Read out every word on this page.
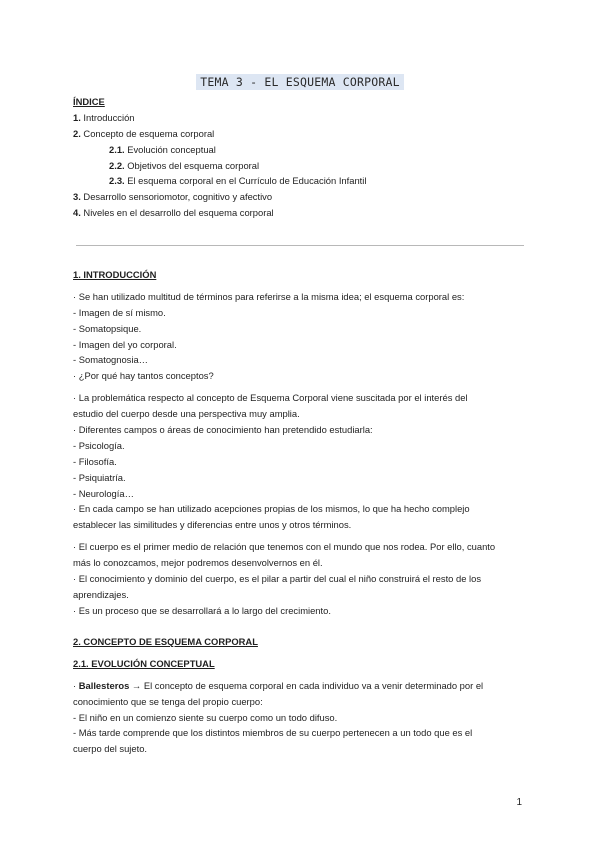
TEMA 3 - EL ESQUEMA CORPORAL
ÍNDICE
1. Introducción
2. Concepto de esquema corporal
2.1. Evolución conceptual
2.2. Objetivos del esquema corporal
2.3. El esquema corporal en el Currículo de Educación Infantil
3. Desarrollo sensoriomotor, cognitivo y afectivo
4. Niveles en el desarrollo del esquema corporal
1. INTRODUCCIÓN
· Se han utilizado multitud de términos para referirse a la misma idea; el esquema corporal es:
- Imagen de sí mismo.
- Somatopsique.
- Imagen del yo corporal.
- Somatognosia…
· ¿Por qué hay tantos conceptos?
· La problemática respecto al concepto de Esquema Corporal viene suscitada por el interés del
estudio del cuerpo desde una perspectiva muy amplia.
· Diferentes campos o áreas de conocimiento han pretendido estudiarla:
- Psicología.
- Filosofía.
- Psiquiatría.
- Neurología…
· En cada campo se han utilizado acepciones propias de los mismos, lo que ha hecho complejo
establecer las similitudes y diferencias entre unos y otros términos.
· El cuerpo es el primer medio de relación que tenemos con el mundo que nos rodea. Por ello, cuanto
más lo conozcamos, mejor podremos desenvolvernos en él.
· El conocimiento y dominio del cuerpo, es el pilar a partir del cual el niño construirá el resto de los
aprendizajes.
· Es un proceso que se desarrollará a lo largo del crecimiento.
2. CONCEPTO DE ESQUEMA CORPORAL
2.1. EVOLUCIÓN CONCEPTUAL
· Ballesteros → El concepto de esquema corporal en cada individuo va a venir determinado por el
conocimiento que se tenga del propio cuerpo:
- El niño en un comienzo siente su cuerpo como un todo difuso.
- Más tarde comprende que los distintos miembros de su cuerpo pertenecen a un todo que es el
cuerpo del sujeto.
1
